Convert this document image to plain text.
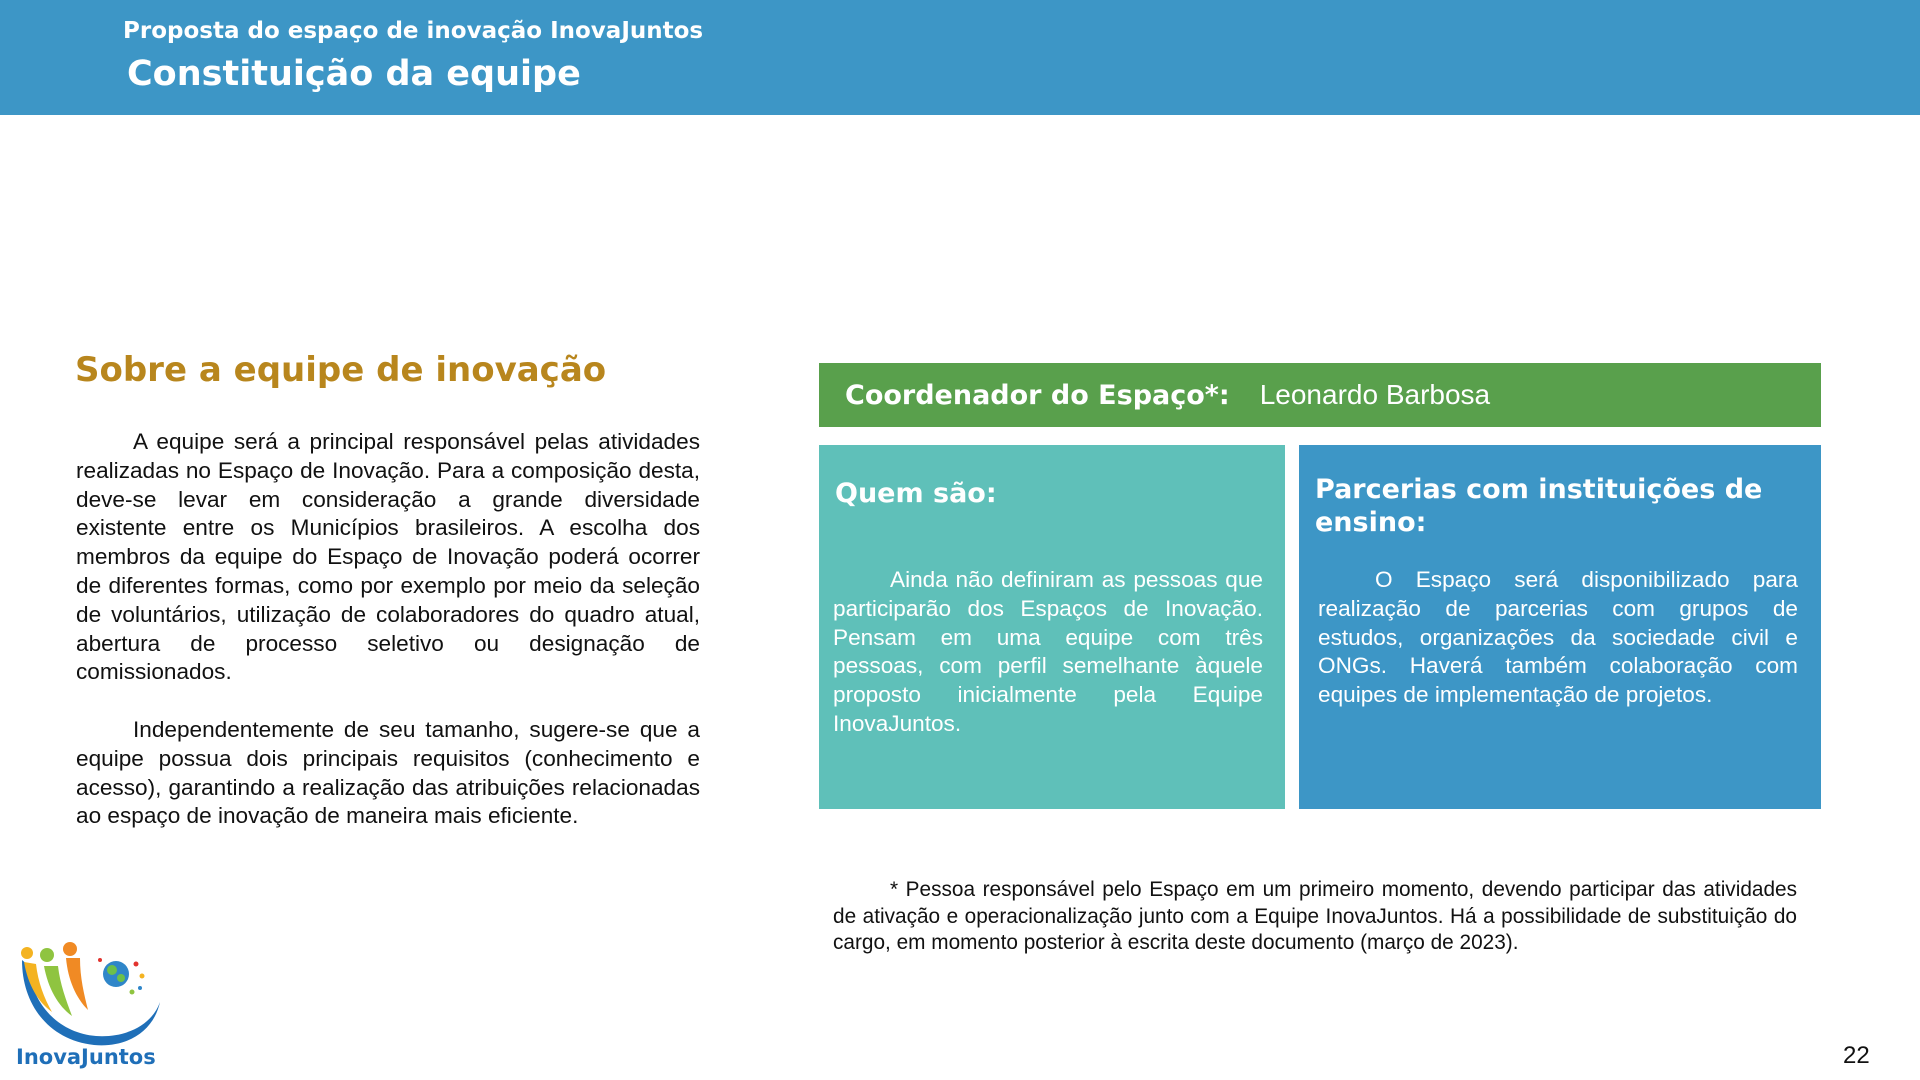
Proposta do espaço de inovação InovaJuntos
Constituição da equipe
Sobre a equipe de inovação

A equipe será a principal responsável pelas atividades realizadas no Espaço de Inovação. Para a composição desta, deve-se levar em consideração a grande diversidade existente entre os Municípios brasileiros. A escolha dos membros da equipe do Espaço de Inovação poderá ocorrer de diferentes formas, como por exemplo por meio da seleção de voluntários, utilização de colaboradores do quadro atual, abertura de processo seletivo ou designação de comissionados.

Independentemente de seu tamanho, sugere-se que a equipe possua dois principais requisitos (conhecimento e acesso), garantindo a realização das atribuições relacionadas ao espaço de inovação de maneira mais eficiente.

Coordenador do Espaço*: Leonardo Barbosa
Quem são:

Ainda não definiram as pessoas que participarão dos Espaços de Inovação. Pensam em uma equipe com três pessoas, com perfil semelhante àquele proposto inicialmente pela Equipe InovaJuntos.

Parcerias com instituições de ensino:

O Espaço será disponibilizado para realização de parcerias com grupos de estudos, organizações da sociedade civil e ONGs. Haverá também colaboração com equipes de implementação de projetos.

* Pessoa responsável pelo Espaço em um primeiro momento, devendo participar das atividades de ativação e operacionalização junto com a Equipe InovaJuntos. Há a possibilidade de substituição do cargo, em momento posterior à escrita deste documento (março de 2023).

InovaJuntos	22
